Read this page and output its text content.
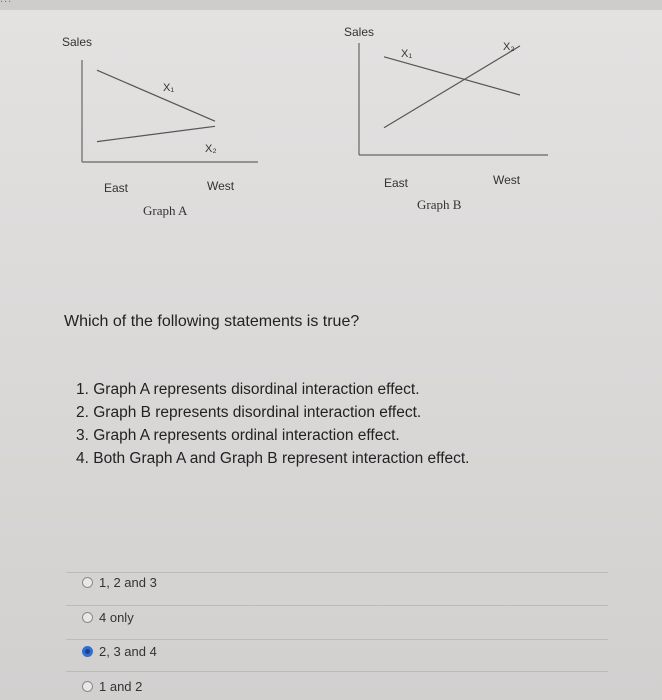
Sales
X₁
X₂
East	West
Graph A
Sales
X₁
X₂
East	West
Graph B
Which of the following statements is true?
1. Graph A represents disordinal interaction effect.
2. Graph B represents disordinal interaction effect.
3. Graph A represents ordinal interaction effect.
4. Both Graph A and Graph B represent interaction effect.
1, 2 and 3
4 only
2, 3 and 4
1 and 2
